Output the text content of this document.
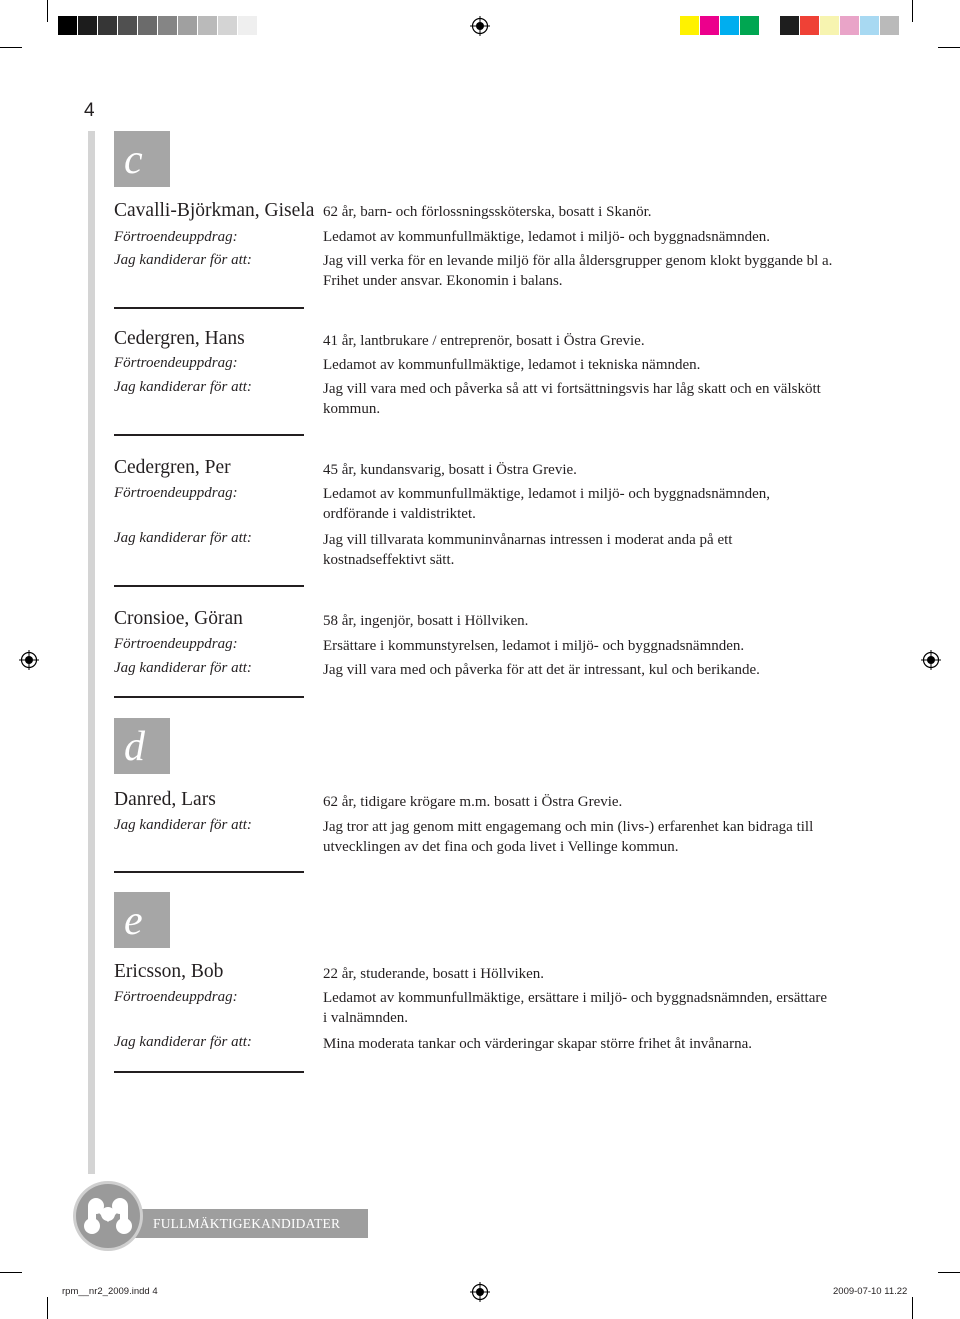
4
c
Cavalli-Björkman, Gisela
Förtroendeuppdrag:
Jag kandiderar för att:
62 år, barn- och förlossningssköterska, bosatt i Skanör.
Ledamot av kommunfullmäktige, ledamot i miljö- och byggnadsnämnden.
Jag vill verka för en levande miljö för alla åldersgrupper genom klokt byggande bl a. Frihet under ansvar. Ekonomin i balans.
Cedergren, Hans
Förtroendeuppdrag:
Jag kandiderar för att:
41 år, lantbrukare / entreprenör, bosatt i Östra Grevie.
Ledamot av kommunfullmäktige, ledamot i tekniska nämnden.
Jag vill vara med och påverka så att vi fortsättningsvis har låg skatt och en välskött kommun.
Cedergren, Per
Förtroendeuppdrag:
Jag kandiderar för att:
45 år, kundansvarig, bosatt i Östra Grevie.
Ledamot av kommunfullmäktige, ledamot i miljö- och byggnadsnämnden, ordförande i valdistriktet.
Jag vill tillvarata kommuninvånarnas intressen i moderat anda på ett kostnadseffektivt sätt.
Cronsioe, Göran
Förtroendeuppdrag:
Jag kandiderar för att:
58 år, ingenjör, bosatt i Höllviken.
Ersättare i kommunstyrelsen, ledamot i miljö- och byggnadsnämnden.
Jag vill vara med och påverka för att det är intressant, kul och berikande.
d
Danred, Lars
Jag kandiderar för att:
62 år, tidigare krögare m.m. bosatt i Östra Grevie.
Jag tror att jag genom mitt engagemang och min (livs-) erfarenhet kan bidraga till utvecklingen av det fina och goda livet i Vellinge kommun.
e
Ericsson, Bob
Förtroendeuppdrag:
Jag kandiderar för att:
22 år, studerande, bosatt i Höllviken.
Ledamot av kommunfullmäktige, ersättare i miljö- och byggnadsnämnden, ersättare i valnämnden.
Mina moderata tankar och värderingar skapar större frihet åt invånarna.
FULLMÄKTIGEKANDIDATER
rpm__nr2_2009.indd 4	2009-07-10 11.22
